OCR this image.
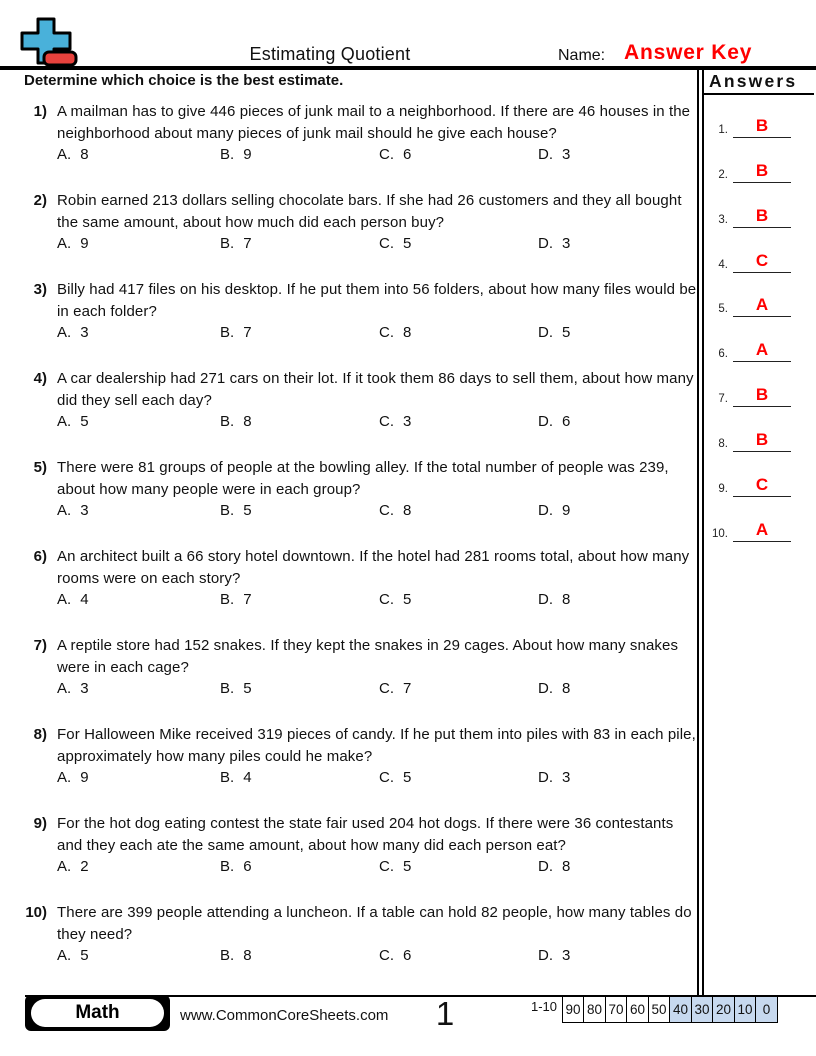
Estimating Quotient	Name: Answer Key
Determine which choice is the best estimate.
1) A mailman has to give 446 pieces of junk mail to a neighborhood. If there are 46 houses in the neighborhood about many pieces of junk mail should he give each house?
A. 8	B. 9	C. 6	D. 3
2) Robin earned 213 dollars selling chocolate bars. If she had 26 customers and they all bought the same amount, about how much did each person buy?
A. 9	B. 7	C. 5	D. 3
3) Billy had 417 files on his desktop. If he put them into 56 folders, about how many files would be in each folder?
A. 3	B. 7	C. 8	D. 5
4) A car dealership had 271 cars on their lot. If it took them 86 days to sell them, about how many did they sell each day?
A. 5	B. 8	C. 3	D. 6
5) There were 81 groups of people at the bowling alley. If the total number of people was 239, about how many people were in each group?
A. 3	B. 5	C. 8	D. 9
6) An architect built a 66 story hotel downtown. If the hotel had 281 rooms total, about how many rooms were on each story?
A. 4	B. 7	C. 5	D. 8
7) A reptile store had 152 snakes. If they kept the snakes in 29 cages. About how many snakes were in each cage?
A. 3	B. 5	C. 7	D. 8
8) For Halloween Mike received 319 pieces of candy. If he put them into piles with 83 in each pile, approximately how many piles could he make?
A. 9	B. 4	C. 5	D. 3
9) For the hot dog eating contest the state fair used 204 hot dogs. If there were 36 contestants and they each ate the same amount, about how many did each person eat?
A. 2	B. 6	C. 5	D. 8
10) There are 399 people attending a luncheon. If a table can hold 82 people, how many tables do they need?
A. 5	B. 8	C. 6	D. 3
Answers
1.	B
2.	B
3.	B
4.	C
5.	A
6.	A
7.	B
8.	B
9.	C
10.	A
Math	www.CommonCoreSheets.com	1	1-10 90 80 70 60 50 40 30 20 10 0
